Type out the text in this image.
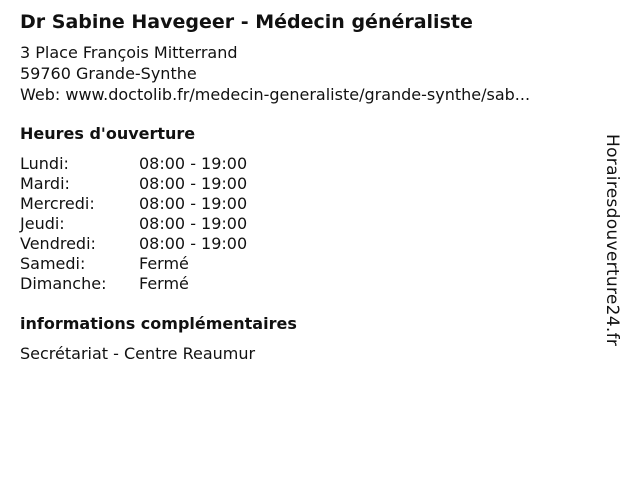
Dr Sabine Havegeer - Médecin généraliste
3 Place François Mitterrand
59760 Grande-Synthe
Web: www.doctolib.fr/medecin-generaliste/grande-synthe/sab...
Heures d'ouverture
Lundi:	08:00 - 19:00
Mardi:	08:00 - 19:00
Mercredi:	08:00 - 19:00
Jeudi:	08:00 - 19:00
Vendredi:	08:00 - 19:00
Samedi:	Fermé
Dimanche: Fermé
informations complémentaires
Secrétariat - Centre Reaumur
Horairesdouverture24.fr
